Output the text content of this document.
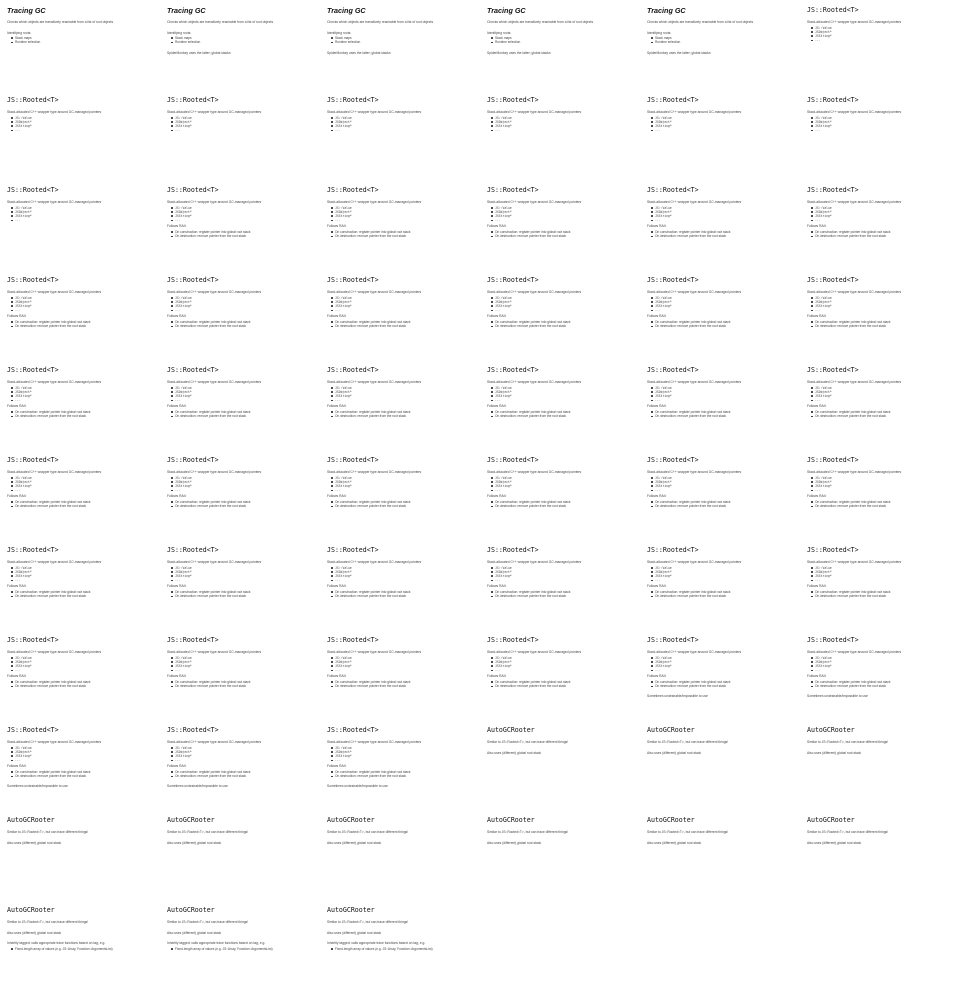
Tracing GC
Checks which objects are transitively reachable from a list of root objects
Identifying roots:
Stack maps
Runtime selection
Tracing GC
Checks which objects are transitively reachable from a list of root objects
Identifying roots:
Stack maps
Runtime selection
SpiderMonkey uses the latter; global stacks
Tracing GC
Checks which objects are transitively reachable from a list of root objects
Identifying roots:
Stack maps
Runtime selection
SpiderMonkey uses the latter; global stacks
Tracing GC
Checks which objects are transitively reachable from a list of root objects
Identifying roots:
Stack maps
Runtime selection
SpiderMonkey uses the latter; global stacks
Tracing GC
Checks which objects are transitively reachable from a list of root objects
Identifying roots:
Stack maps
Runtime selection
SpiderMonkey uses the latter; global stacks
JS::Rooted<T>
Stack-allocated C++ wrapper type around GC-managed pointers
JS::Value
JSObject*
JSString*
...
JS::Rooted<T>
Stack-allocated C++ wrapper type around GC-managed pointers
JS::Value
JSObject*
JSString*
...
JS::Rooted<T>
Stack-allocated C++ wrapper type around GC-managed pointers
JS::Value
JSObject*
JSString*
...
JS::Rooted<T>
Stack-allocated C++ wrapper type around GC-managed pointers
JS::Value
JSObject*
JSString*
...
JS::Rooted<T>
Stack-allocated C++ wrapper type around GC-managed pointers
JS::Value
JSObject*
JSString*
...
JS::Rooted<T>
Stack-allocated C++ wrapper type around GC-managed pointers
JS::Value
JSObject*
JSString*
...
JS::Rooted<T>
Stack-allocated C++ wrapper type around GC-managed pointers
JS::Value
JSObject*
JSString*
...
JS::Rooted<T>
Stack-allocated C++ wrapper type around GC-managed pointers
JS::Value
JSObject*
JSString*
...
JS::Rooted<T>
Stack-allocated C++ wrapper type around GC-managed pointers
JS::Value
JSObject*
JSString*
...
Follows RAII:
On construction: register pointer into global root stack
On destruction: remove pointer from the root stack
JS::Rooted<T>
Stack-allocated C++ wrapper type around GC-managed pointers
JS::Value
JSObject*
JSString*
...
Follows RAII:
On construction: register pointer into global root stack
On destruction: remove pointer from the root stack
JS::Rooted<T>
Stack-allocated C++ wrapper type around GC-managed pointers
JS::Value
JSObject*
JSString*
...
Follows RAII:
On construction: register pointer into global root stack
On destruction: remove pointer from the root stack
JS::Rooted<T>
Stack-allocated C++ wrapper type around GC-managed pointers
JS::Value
JSObject*
JSString*
...
Follows RAII:
On construction: register pointer into global root stack
On destruction: remove pointer from the root stack
JS::Rooted<T>
Stack-allocated C++ wrapper type around GC-managed pointers
JS::Value
JSObject*
JSString*
...
Follows RAII:
On construction: register pointer into global root stack
On destruction: remove pointer from the root stack
JS::Rooted<T>
Stack-allocated C++ wrapper type around GC-managed pointers
JS::Value
JSObject*
JSString*
...
Follows RAII:
On construction: register pointer into global root stack
On destruction: remove pointer from the root stack
JS::Rooted<T>
Stack-allocated C++ wrapper type around GC-managed pointers
JS::Value
JSObject*
JSString*
...
Follows RAII:
On construction: register pointer into global root stack
On destruction: remove pointer from the root stack
JS::Rooted<T>
Stack-allocated C++ wrapper type around GC-managed pointers
JS::Value
JSObject*
JSString*
...
Follows RAII:
On construction: register pointer into global root stack
On destruction: remove pointer from the root stack
JS::Rooted<T>
Stack-allocated C++ wrapper type around GC-managed pointers
JS::Value
JSObject*
JSString*
...
Follows RAII:
On construction: register pointer into global root stack
On destruction: remove pointer from the root stack
JS::Rooted<T>
Stack-allocated C++ wrapper type around GC-managed pointers
JS::Value
JSObject*
JSString*
...
Follows RAII:
On construction: register pointer into global root stack
On destruction: remove pointer from the root stack
JS::Rooted<T>
Stack-allocated C++ wrapper type around GC-managed pointers
JS::Value
JSObject*
JSString*
...
Follows RAII:
On construction: register pointer into global root stack
On destruction: remove pointer from the root stack
JS::Rooted<T>
Stack-allocated C++ wrapper type around GC-managed pointers
JS::Value
JSObject*
JSString*
...
Follows RAII:
On construction: register pointer into global root stack
On destruction: remove pointer from the root stack
JS::Rooted<T>
Stack-allocated C++ wrapper type around GC-managed pointers
JS::Value
JSObject*
JSString*
...
Follows RAII:
On construction: register pointer into global root stack
On destruction: remove pointer from the root stack
JS::Rooted<T>
Stack-allocated C++ wrapper type around GC-managed pointers
JS::Value
JSObject*
JSString*
...
Follows RAII:
On construction: register pointer into global root stack
On destruction: remove pointer from the root stack
JS::Rooted<T>
Stack-allocated C++ wrapper type around GC-managed pointers
JS::Value
JSObject*
JSString*
...
Follows RAII:
On construction: register pointer into global root stack
On destruction: remove pointer from the root stack
JS::Rooted<T>
Stack-allocated C++ wrapper type around GC-managed pointers
JS::Value
JSObject*
JSString*
...
Follows RAII:
On construction: register pointer into global root stack
On destruction: remove pointer from the root stack
JS::Rooted<T>
Stack-allocated C++ wrapper type around GC-managed pointers
JS::Value
JSObject*
JSString*
...
Follows RAII:
On construction: register pointer into global root stack
On destruction: remove pointer from the root stack
JS::Rooted<T>
Stack-allocated C++ wrapper type around GC-managed pointers
JS::Value
JSObject*
JSString*
...
Follows RAII:
On construction: register pointer into global root stack
On destruction: remove pointer from the root stack
JS::Rooted<T>
Stack-allocated C++ wrapper type around GC-managed pointers
JS::Value
JSObject*
JSString*
...
Follows RAII:
On construction: register pointer into global root stack
On destruction: remove pointer from the root stack
JS::Rooted<T>
Stack-allocated C++ wrapper type around GC-managed pointers
JS::Value
JSObject*
JSString*
...
Follows RAII:
On construction: register pointer into global root stack
On destruction: remove pointer from the root stack
JS::Rooted<T>
Stack-allocated C++ wrapper type around GC-managed pointers
JS::Value
JSObject*
JSString*
...
Follows RAII:
On construction: register pointer into global root stack
On destruction: remove pointer from the root stack
JS::Rooted<T>
Stack-allocated C++ wrapper type around GC-managed pointers
JS::Value
JSObject*
JSString*
...
Follows RAII:
On construction: register pointer into global root stack
On destruction: remove pointer from the root stack
JS::Rooted<T>
Stack-allocated C++ wrapper type around GC-managed pointers
JS::Value
JSObject*
JSString*
...
Follows RAII:
On construction: register pointer into global root stack
On destruction: remove pointer from the root stack
JS::Rooted<T>
Stack-allocated C++ wrapper type around GC-managed pointers
JS::Value
JSObject*
JSString*
...
Follows RAII:
On construction: register pointer into global root stack
On destruction: remove pointer from the root stack
JS::Rooted<T>
Stack-allocated C++ wrapper type around GC-managed pointers
JS::Value
JSObject*
JSString*
...
Follows RAII:
On construction: register pointer into global root stack
On destruction: remove pointer from the root stack
JS::Rooted<T>
Stack-allocated C++ wrapper type around GC-managed pointers
JS::Value
JSObject*
JSString*
...
Follows RAII:
On construction: register pointer into global root stack
On destruction: remove pointer from the root stack
JS::Rooted<T>
Stack-allocated C++ wrapper type around GC-managed pointers
JS::Value
JSObject*
JSString*
...
Follows RAII:
On construction: register pointer into global root stack
On destruction: remove pointer from the root stack
JS::Rooted<T>
Stack-allocated C++ wrapper type around GC-managed pointers
JS::Value
JSObject*
JSString*
...
Follows RAII:
On construction: register pointer into global root stack
On destruction: remove pointer from the root stack
JS::Rooted<T>
Stack-allocated C++ wrapper type around GC-managed pointers
JS::Value
JSObject*
JSString*
...
Follows RAII:
On construction: register pointer into global root stack
On destruction: remove pointer from the root stack
JS::Rooted<T>
Stack-allocated C++ wrapper type around GC-managed pointers
JS::Value
JSObject*
JSString*
...
Follows RAII:
On construction: register pointer into global root stack
On destruction: remove pointer from the root stack
JS::Rooted<T>
Stack-allocated C++ wrapper type around GC-managed pointers
JS::Value
JSObject*
JSString*
...
Follows RAII:
On construction: register pointer into global root stack
On destruction: remove pointer from the root stack
JS::Rooted<T>
Stack-allocated C++ wrapper type around GC-managed pointers
JS::Value
JSObject*
JSString*
...
Follows RAII:
On construction: register pointer into global root stack
On destruction: remove pointer from the root stack
JS::Rooted<T>
Stack-allocated C++ wrapper type around GC-managed pointers
JS::Value
JSObject*
JSString*
...
Follows RAII:
On construction: register pointer into global root stack
On destruction: remove pointer from the root stack
JS::Rooted<T>
Stack-allocated C++ wrapper type around GC-managed pointers
JS::Value
JSObject*
JSString*
...
Follows RAII:
On construction: register pointer into global root stack
On destruction: remove pointer from the root stack
Sometimes undesirable/impossible to use
JS::Rooted<T>
Stack-allocated C++ wrapper type around GC-managed pointers
JS::Value
JSObject*
JSString*
...
Follows RAII:
On construction: register pointer into global root stack
On destruction: remove pointer from the root stack
Sometimes undesirable/impossible to use
JS::Rooted<T>
Stack-allocated C++ wrapper type around GC-managed pointers
JS::Value
JSObject*
JSString*
...
Follows RAII:
On construction: register pointer into global root stack
On destruction: remove pointer from the root stack
Sometimes undesirable/impossible to use
JS::Rooted<T>
Stack-allocated C++ wrapper type around GC-managed pointers
JS::Value
JSObject*
JSString*
...
Follows RAII:
On construction: register pointer into global root stack
On destruction: remove pointer from the root stack
Sometimes undesirable/impossible to use
JS::Rooted<T>
Stack-allocated C++ wrapper type around GC-managed pointers
JS::Value
JSObject*
JSString*
...
Follows RAII:
On construction: register pointer into global root stack
On destruction: remove pointer from the root stack
Sometimes undesirable/impossible to use
AutoGCRooter
Similar to JS::Rooted<T>, but can trace different things!
Also uses (different) global root stack
AutoGCRooter
Similar to JS::Rooted<T>, but can trace different things!
Also uses (different) global root stack
AutoGCRooter
Similar to JS::Rooted<T>, but can trace different things!
Also uses (different) global root stack
AutoGCRooter
Similar to JS::Rooted<T>, but can trace different things!
Also uses (different) global root stack
AutoGCRooter
Similar to JS::Rooted<T>, but can trace different things!
Also uses (different) global root stack
AutoGCRooter
Similar to JS::Rooted<T>, but can trace different things!
Also uses (different) global root stack
AutoGCRooter
Similar to JS::Rooted<T>, but can trace different things!
Also uses (different) global root stack
AutoGCRooter
Similar to JS::Rooted<T>, but can trace different things!
Also uses (different) global root stack
AutoGCRooter
Similar to JS::Rooted<T>, but can trace different things!
Also uses (different) global root stack
AutoGCRooter
Similar to JS::Rooted<T>, but can trace different things!
Also uses (different) global root stack
Inheritly tagged; calls appropriate trace functions based on tag, e.g.
Fixed-length array of values (e.g. JS::Array, Function::ArgumentsList)
AutoGCRooter
Similar to JS::Rooted<T>, but can trace different things!
Also uses (different) global root stack
Inheritly tagged; calls appropriate trace functions based on tag, e.g.
Fixed-length array of values (e.g. JS::Array, Function::ArgumentsList)
AutoGCRooter
Similar to JS::Rooted<T>, but can trace different things!
Also uses (different) global root stack
Inheritly tagged; calls appropriate trace functions based on tag, e.g.
Fixed-length array of values (e.g. JS::Array, Function::ArgumentsList)
